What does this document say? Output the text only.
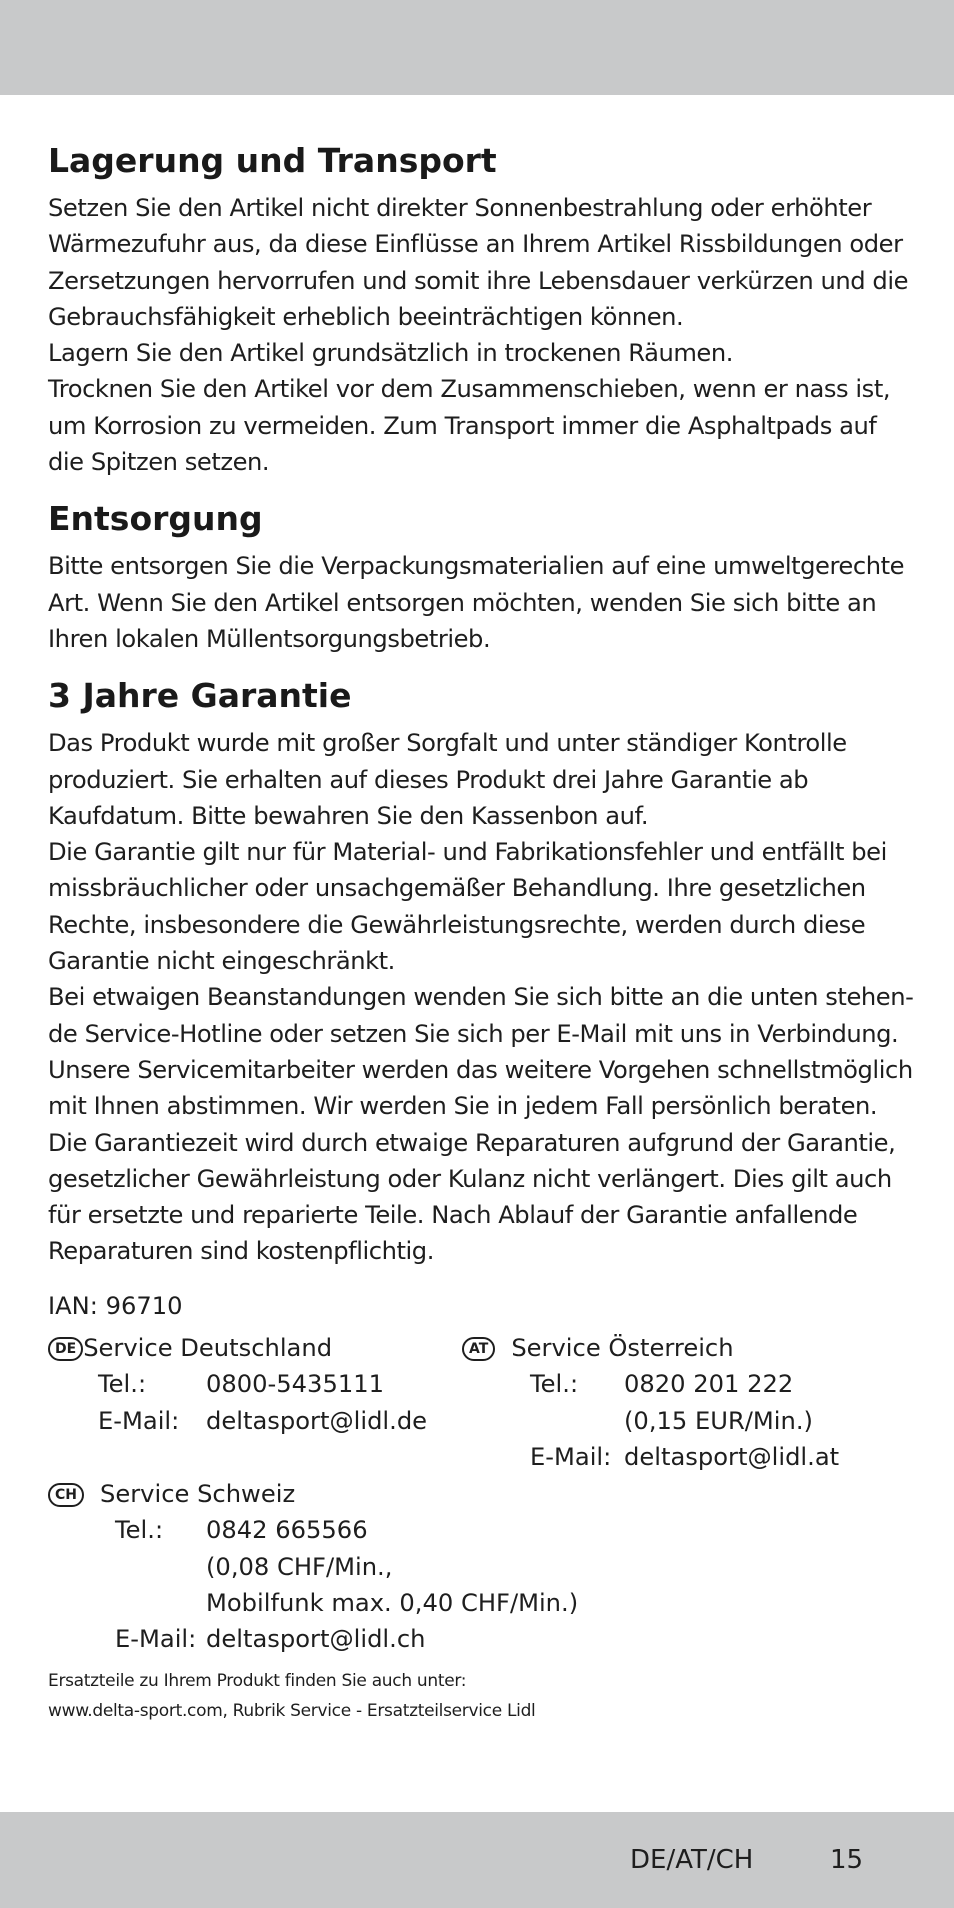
Lagerung und Transport
Setzen Sie den Artikel nicht direkter Sonnenbestrahlung oder erhöhter
Wärmezufuhr aus, da diese Einflüsse an Ihrem Artikel Rissbildungen oder
Zersetzungen hervorrufen und somit ihre Lebensdauer verkürzen und die
Gebrauchsfähigkeit erheblich beeinträchtigen können.
Lagern Sie den Artikel grundsätzlich in trockenen Räumen.
Trocknen Sie den Artikel vor dem Zusammenschieben, wenn er nass ist,
um Korrosion zu vermeiden. Zum Transport immer die Asphaltpads auf
die Spitzen setzen.
Entsorgung
Bitte entsorgen Sie die Verpackungsmaterialien auf eine umweltgerechte
Art. Wenn Sie den Artikel entsorgen möchten, wenden Sie sich bitte an
Ihren lokalen Müllentsorgungsbetrieb.
3 Jahre Garantie
Das Produkt wurde mit großer Sorgfalt und unter ständiger Kontrolle
produziert. Sie erhalten auf dieses Produkt drei Jahre Garantie ab
Kaufdatum. Bitte bewahren Sie den Kassenbon auf.
Die Garantie gilt nur für Material- und Fabrikationsfehler und entfällt bei
missbräuchlicher oder unsachgemäßer Behandlung. Ihre gesetzlichen
Rechte, insbesondere die Gewährleistungsrechte, werden durch diese
Garantie nicht eingeschränkt.
Bei etwaigen Beanstandungen wenden Sie sich bitte an die unten stehen-
de Service-Hotline oder setzen Sie sich per E-Mail mit uns in Verbindung.
Unsere Servicemitarbeiter werden das weitere Vorgehen schnellstmöglich
mit Ihnen abstimmen. Wir werden Sie in jedem Fall persönlich beraten.
Die Garantiezeit wird durch etwaige Reparaturen aufgrund der Garantie,
gesetzlicher Gewährleistung oder Kulanz nicht verlängert. Dies gilt auch
für ersetzte und reparierte Teile. Nach Ablauf der Garantie anfallende
Reparaturen sind kostenpflichtig.
IAN: 96710
DE Service Deutschland
Tel.: 0800-5435111
E-Mail: deltasport@lidl.de
AT Service Österreich
Tel.: 0820 201 222
(0,15 EUR/Min.)
E-Mail: deltasport@lidl.at
CH Service Schweiz
Tel.: 0842 665566
(0,08 CHF/Min.,
Mobilfunk max. 0,40 CHF/Min.)
E-Mail: deltasport@lidl.ch
Ersatzteile zu Ihrem Produkt finden Sie auch unter:
www.delta-sport.com, Rubrik Service - Ersatzteilservice Lidl
DE/AT/CH	15
